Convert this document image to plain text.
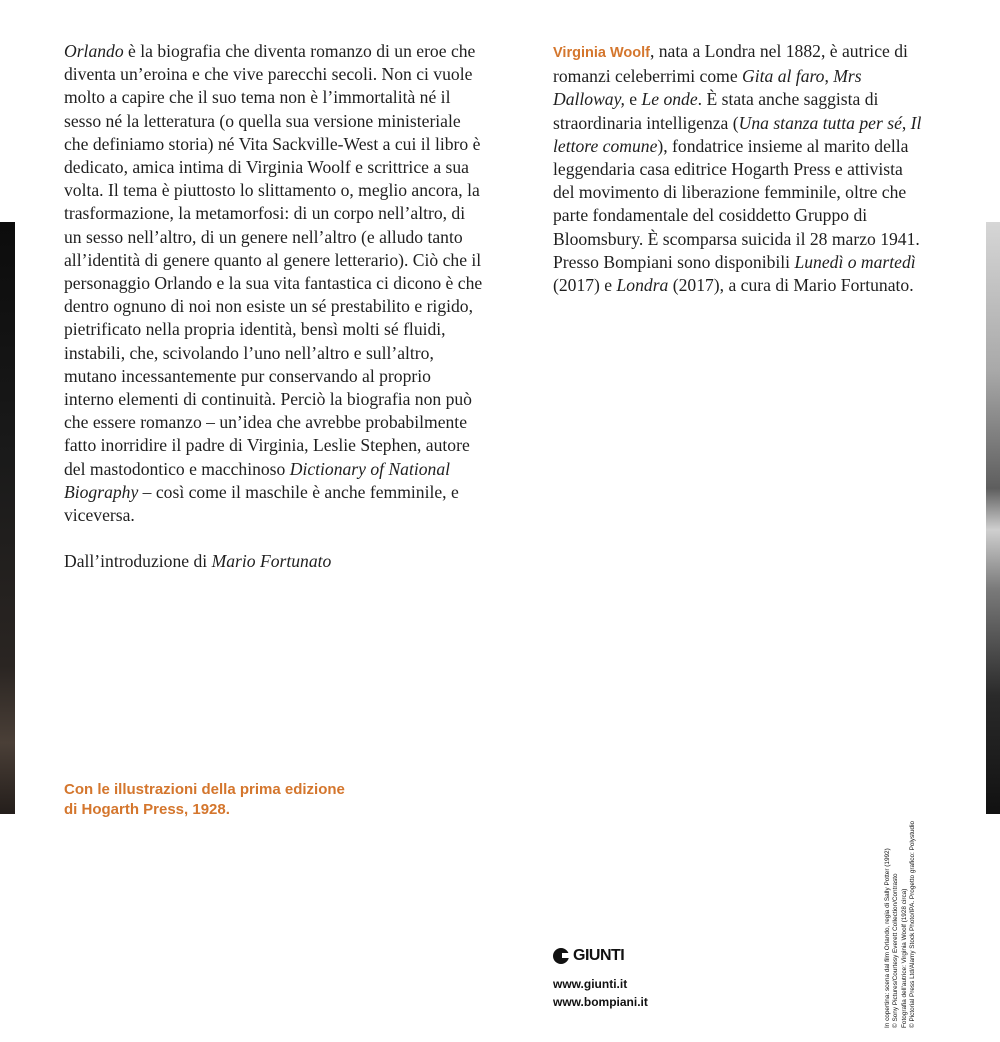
Orlando è la biografia che diventa romanzo di un eroe che diventa un’eroina e che vive parecchi secoli. Non ci vuole molto a capire che il suo tema non è l’immortalità né il sesso né la letteratura (o quella sua versione ministeriale che definiamo storia) né Vita Sackville-West a cui il libro è dedicato, amica intima di Virginia Woolf e scrittrice a sua volta. Il tema è piuttosto lo slittamento o, meglio ancora, la trasformazione, la metamorfosi: di un corpo nell’altro, di un sesso nell’altro, di un genere nell’altro (e alludo tanto all’identità di genere quanto al genere letterario). Ciò che il personaggio Orlando e la sua vita fantastica ci dicono è che dentro ognuno di noi non esiste un sé prestabilito e rigido, pietrificato nella propria identità, bensì molti sé fluidi, instabili, che, scivolando l’uno nell’altro e sull’altro, mutano incessantemente pur conservando al proprio interno elementi di continuità. Perciò la biografia non può che essere romanzo – un’idea che avrebbe probabilmente fatto inorridire il padre di Virginia, Leslie Stephen, autore del mastodontico e macchinoso Dictionary of National Biography – così come il maschile è anche femminile, e viceversa.

Dall’introduzione di Mario Fortunato

Virginia Woolf, nata a Londra nel 1882, è autrice di romanzi celeberrimi come Gita al faro, Mrs Dalloway, e Le onde. È stata anche saggista di straordinaria intelligenza (Una stanza tutta per sé, Il lettore comune), fondatrice insieme al marito della leggendaria casa editrice Hogarth Press e attivista del movimento di liberazione femminile, oltre che parte fondamentale del cosiddetto Gruppo di Bloomsbury. È scomparsa suicida il 28 marzo 1941. Presso Bompiani sono disponibili Lunedì o martedì (2017) e Londra (2017), a cura di Mario Fortunato.

Con le illustrazioni della prima edizione
di Hogarth Press, 1928.
GIUNTI
www.giunti.it
www.bompiani.it	In copertina: scena dal film Orlando, regia di Sally Potter (1992) © Sony Pictures/Courtesy Everett Collection/Contrasto Fotografia dell’autrice: Virginia Woolf (1928 circa) © Pictorial Press Ltd/Alamy Stock Photo/IPA. Progetto grafico: Polystudio
